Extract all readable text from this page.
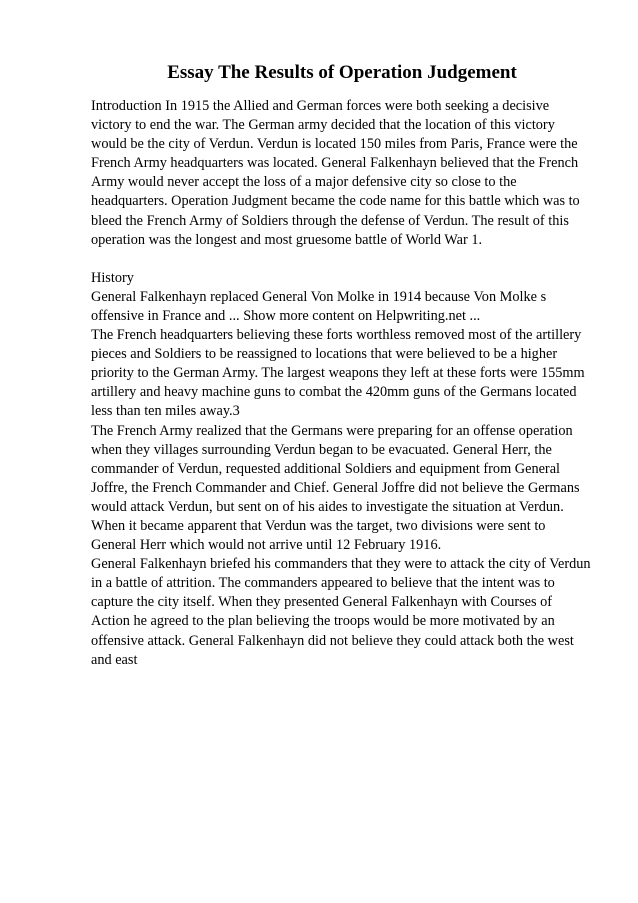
Essay The Results of Operation Judgement

Introduction In 1915 the Allied and German forces were both seeking a decisive victory to end the war. The German army decided that the location of this victory would be the city of Verdun. Verdun is located 150 miles from Paris, France were the French Army headquarters was located. General Falkenhayn believed that the French Army would never accept the loss of a major defensive city so close to the headquarters. Operation Judgment became the code name for this battle which was to bleed the French Army of Soldiers through the defense of Verdun. The result of this operation was the longest and most gruesome battle of World War 1.

History

General Falkenhayn replaced General Von Molke in 1914 because Von Molke s offensive in France and ... Show more content on Helpwriting.net ...

The French headquarters believing these forts worthless removed most of the artillery pieces and Soldiers to be reassigned to locations that were believed to be a higher priority to the German Army. The largest weapons they left at these forts were 155mm artillery and heavy machine guns to combat the 420mm guns of the Germans located less than ten miles away.3

The French Army realized that the Germans were preparing for an offense operation when they villages surrounding Verdun began to be evacuated. General Herr, the commander of Verdun, requested additional Soldiers and equipment from General Joffre, the French Commander and Chief. General Joffre did not believe the Germans would attack Verdun, but sent on of his aides to investigate the situation at Verdun. When it became apparent that Verdun was the target, two divisions were sent to General Herr which would not arrive until 12 February 1916.

General Falkenhayn briefed his commanders that they were to attack the city of Verdun in a battle of attrition. The commanders appeared to believe that the intent was to capture the city itself. When they presented General Falkenhayn with Courses of Action he agreed to the plan believing the troops would be more motivated by an offensive attack. General Falkenhayn did not believe they could attack both the west and east
